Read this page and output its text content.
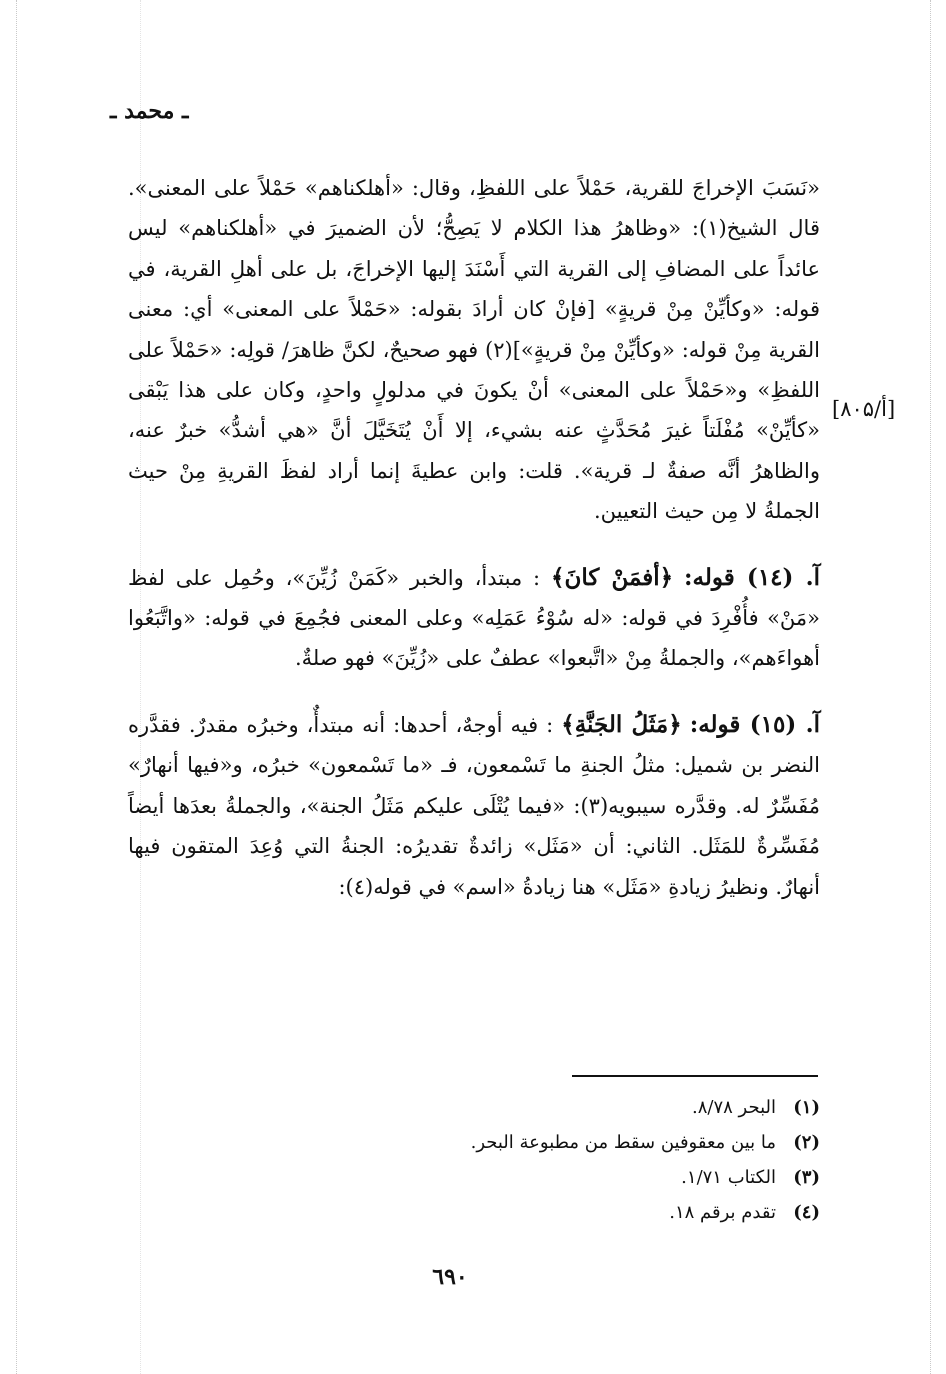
ـ محمد ـ
[۸۰۵/أ]

«نَسَبَ الإخراجَ للقرية، حَمْلاً على اللفظِ، وقال: «أهلكناهم» حَمْلاً على المعنى». قال الشيخ(١): «وظاهرُ هذا الكلام لا يَصِحُّ؛ لأن الضميرَ في «أهلكناهم» ليس عائداً على المضافِ إلى القرية التي أَسْنَدَ إليها الإخراجَ، بل على أهلِ القرية، في قوله: «وكأيِّنْ مِنْ قريةٍ» [فإنْ كان أرادَ بقوله: «حَمْلاً على المعنى» أي: معنى القرية مِنْ قوله: «وكأيِّنْ مِنْ قريةٍ»](٢) فهو صحيحٌ، لكنَّ ظاهرَ/ قولِه: «حَمْلاً على اللفظِ» و«حَمْلاً على المعنى» أنْ يكونَ في مدلولٍ واحدٍ، وكان على هذا يَبْقى «كأيِّنْ» مُفْلَتاً غيرَ مُحَدَّثٍ عنه بشيء، إلا أَنْ يُتَخَيَّلَ أنَّ «هي أشدُّ» خبرٌ عنه، والظاهرُ أنَّه صفةٌ لـ قرية». قلت: وابن عطيةَ إنما أراد لفظَ القريةِ مِنْ حيث الجملةُ لا مِن حيث التعيين.

آ. (١٤) قوله: ﴿أفمَنْ كانَ﴾ : مبتدأ، والخبر «كَمَنْ زُيِّنَ»، وحُمِل على لفظ «مَنْ» فأُفْرِدَ في قوله: «له سُوْءُ عَمَلِه» وعلى المعنى فجُمِعَ في قوله: «واتَّبَعُوا أهواءَهم»، والجملةُ مِنْ «اتَّبعوا» عطفٌ على «زُيِّنَ» فهو صلةٌ.

آ. (١٥) قوله: ﴿مَثَلُ الجَنَّةِ﴾ : فيه أوجهٌ، أحدها: أنه مبتدأٌ، وخبرُه مقدرٌ. فقدَّره النضر بن شميل: مثلُ الجنةِ ما تَسْمعون، فـ «ما تَسْمعون» خبرُه، و«فيها أنهارٌ» مُفَسِّرٌ له. وقدَّره سيبويه(٣): «فيما يُتْلَى عليكم مَثَلُ الجنة»، والجملةُ بعدَها أيضاً مُفَسِّرةٌ للمَثَل. الثاني: أن «مَثَل» زائدةٌ تقديرُه: الجنةُ التي وُعِدَ المتقون فيها أنهارٌ. ونظيرُ زيادةِ «مَثَل» هنا زيادةُ «اسم» في قوله(٤):

(١)
البحر ٨/٧٨.
(٢)
ما بين معقوفين سقط من مطبوعة البحر.
(٣)
الكتاب ١/٧١.
(٤)
تقدم برقم ١٨.
٦٩٠
